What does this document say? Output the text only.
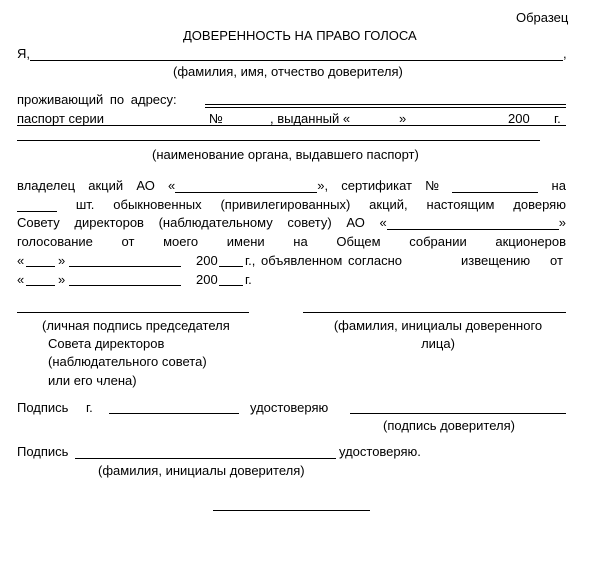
Образец
ДОВЕРЕННОСТЬ НА ПРАВО ГОЛОСА
Я,	,
(фамилия, имя, отчество доверителя)
проживающий по адресу:
паспорт серии	№	, выданный «	»	200 г.
(наименование органа, выдавшего паспорт)
владелец акций АО «	», сертификат №	на
шт. обыкновенных (привилегированных) акций, настоящим доверяю
Совету директоров (наблюдательному совету) АО «	»
голосование от моего имени на Общем собрании акционеров
«	»	200 г., объявленном согласно	извещению от
«	»	200 г.
(личная подпись председателя
Совета директоров
(наблюдательного совета)
или его члена)
(фамилия, инициалы доверенного
лица)
Подпись г.	удостоверяю
(подпись доверителя)
Подпись	удостоверяю.
(фамилия, инициалы доверителя)
